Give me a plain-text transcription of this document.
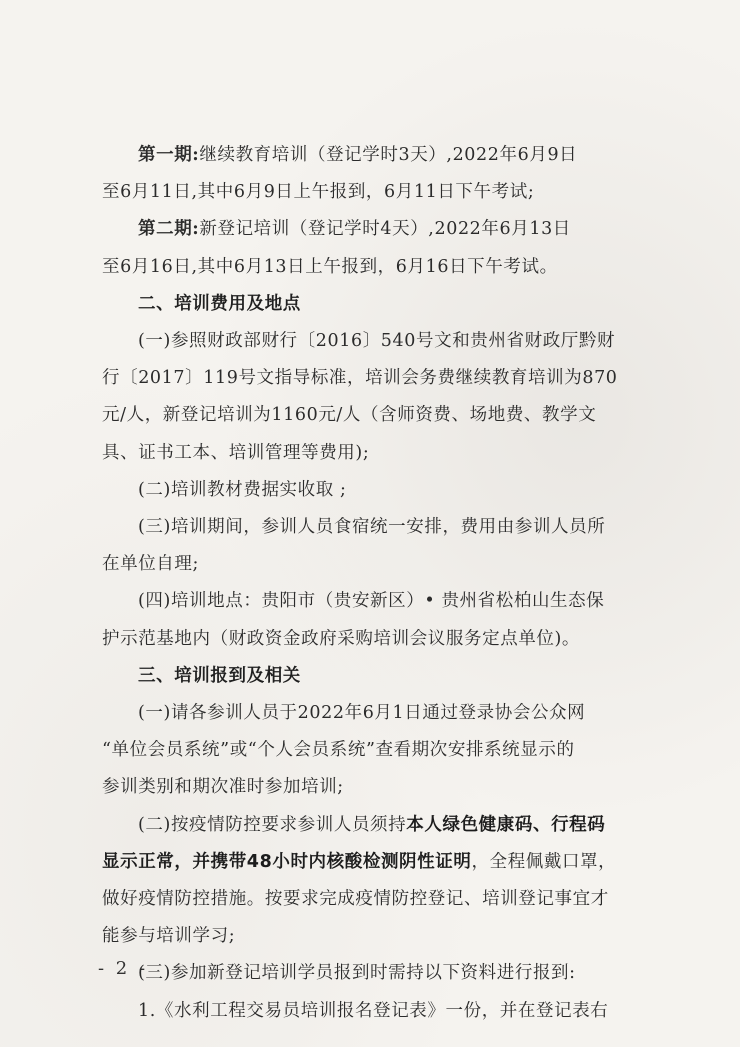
第一期:继续教育培训（登记学时3天）,2022年6月9日
至6月11日,其中6月9日上午报到，6月11日下午考试;
第二期:新登记培训（登记学时4天）,2022年6月13日
至6月16日,其中6月13日上午报到，6月16日下午考试。
二、培训费用及地点
(一)参照财政部财行〔2016〕540号文和贵州省财政厅黔财
行〔2017〕119号文指导标准，培训会务费继续教育培训为870
元/人，新登记培训为1160元/人（含师资费、场地费、教学文
具、证书工本、培训管理等费用);
(二)培训教材费据实收取 ;
(三)培训期间，参训人员食宿统一安排，费用由参训人员所
在单位自理;
(四)培训地点：贵阳市（贵安新区）• 贵州省松柏山生态保
护示范基地内（财政资金政府采购培训会议服务定点单位)。
三、培训报到及相关
(一)请各参训人员于2022年6月1日通过登录协会公众网
“单位会员系统”或“个人会员系统”查看期次安排系统显示的
参训类别和期次准时参加培训;
(二)按疫情防控要求参训人员须持本人绿色健康码、行程码
显示正常，并携带48小时内核酸检测阴性证明，全程佩戴口罩，
做好疫情防控措施。按要求完成疫情防控登记、培训登记事宜才
能参与培训学习;
- 2 -
(三)参加新登记培训学员报到时需持以下资料进行报到:
1.《水利工程交易员培训报名登记表》一份，并在登记表右
